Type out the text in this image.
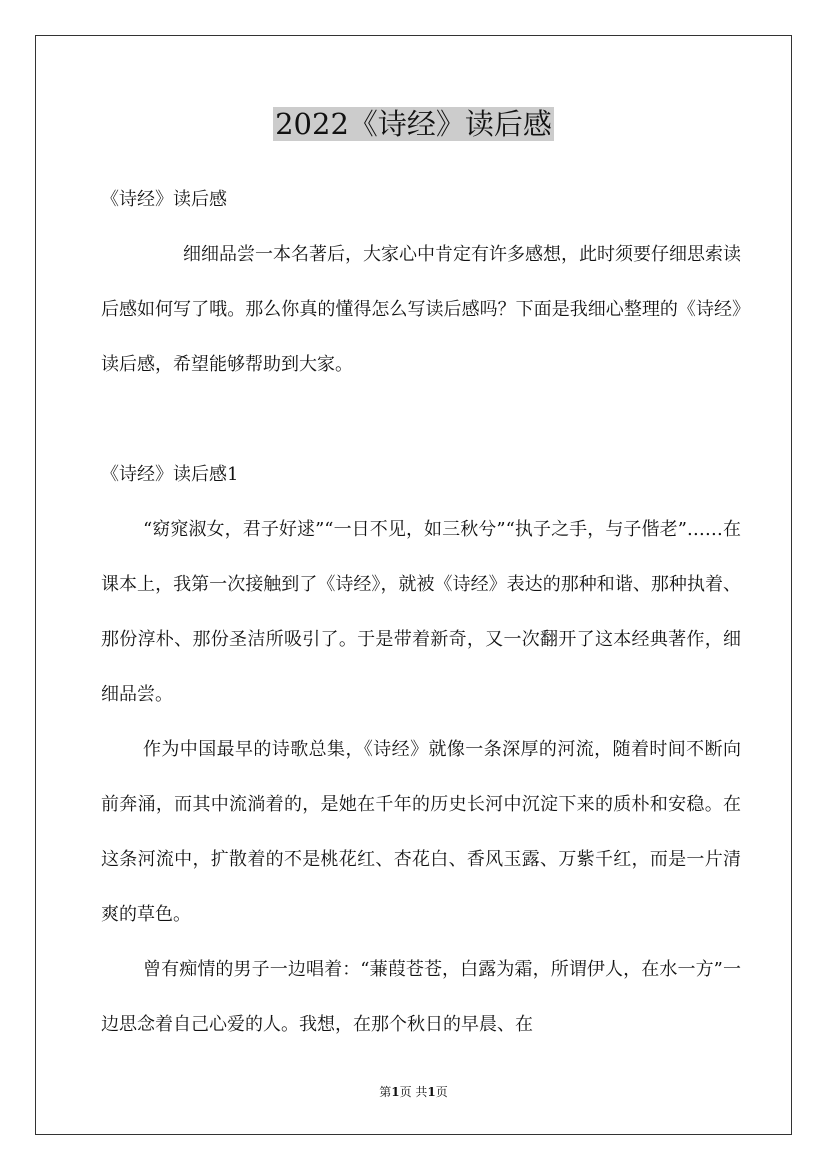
2022《诗经》读后感

《诗经》读后感

细细品尝一本名著后，大家心中肯定有许多感想，此时须要仔细思索读后感如何写了哦。那么你真的懂得怎么写读后感吗？下面是我细心整理的《诗经》读后感，希望能够帮助到大家。

《诗经》读后感1

“窈窕淑女，君子好逑”“一日不见，如三秋兮”“执子之手，与子偕老”……在课本上，我第一次接触到了《诗经》，就被《诗经》表达的那种和谐、那种执着、那份淳朴、那份圣洁所吸引了。于是带着新奇，又一次翻开了这本经典著作，细细品尝。

作为中国最早的诗歌总集，《诗经》就像一条深厚的河流，随着时间不断向前奔涌，而其中流淌着的，是她在千年的历史长河中沉淀下来的质朴和安稳。在这条河流中，扩散着的不是桃花红、杏花白、香风玉露、万紫千红，而是一片清爽的草色。

曾有痴情的男子一边唱着：“蒹葭苍苍，白露为霜，所谓伊人，在水一方”一边思念着自己心爱的人。我想，在那个秋日的早晨、在

第1页 共1页
